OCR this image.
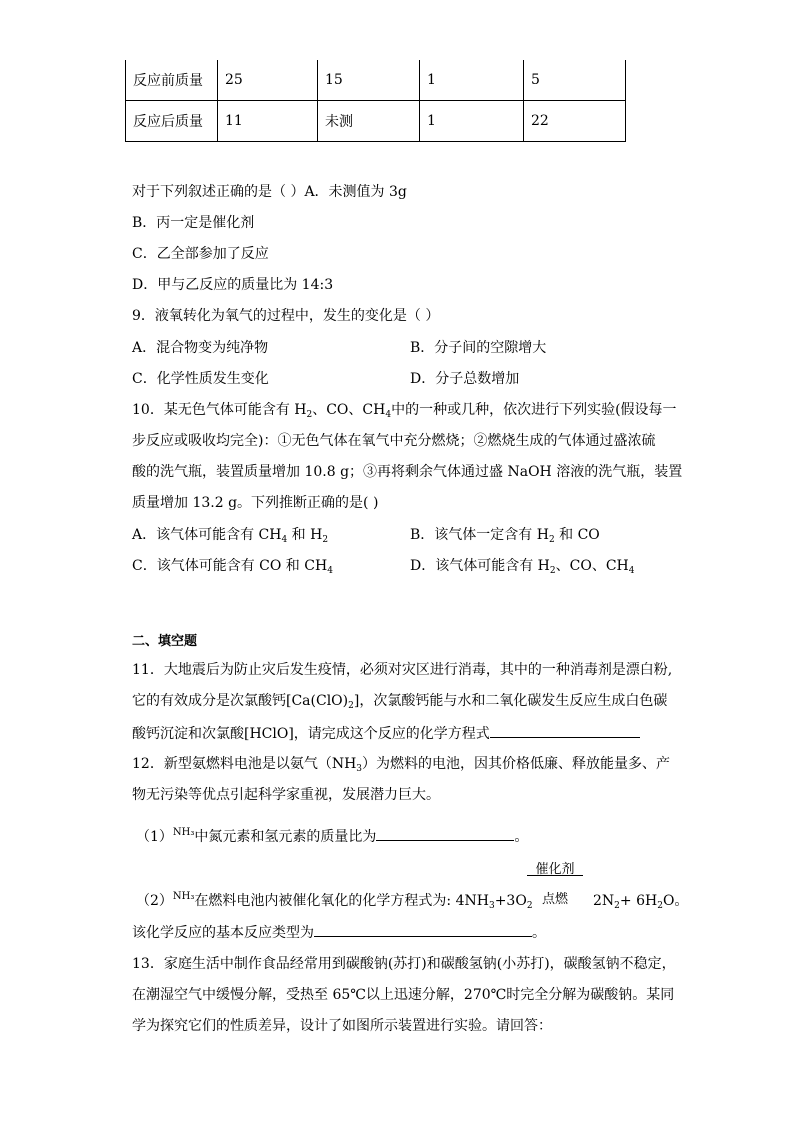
反应前质量	25	15	1	5
反应后质量	11	未测	1	22
对于下列叙述正确的是（ ）A．未测值为 3g
B．丙一定是催化剂
C．乙全部参加了反应
D．甲与乙反应的质量比为 14:3
9．液氧转化为氧气的过程中，发生的变化是（ ）
A．混合物变为纯净物	B．分子间的空隙增大
C．化学性质发生变化	D．分子总数增加
10．某无色气体可能含有 $H_2$、CO、$CH_4$中的一种或几种，依次进行下列实验(假设每一
步反应或吸收均完全)：①无色气体在氧气中充分燃烧；②燃烧生成的气体通过盛浓硫
酸的洗气瓶，装置质量增加 10.8 g；③再将剩余气体通过盛 NaOH 溶液的洗气瓶，装置
质量增加 13.2 g。下列推断正确的是( )
A．该气体可能含有 $CH_4$ 和 $H_2$	B．该气体一定含有 $H_2$ 和 CO
C．该气体可能含有 CO 和 $CH_4$	D．该气体可能含有 $H_2$、CO、$CH_4$
二、填空题
11．大地震后为防止灾后发生疫情，必须对灾区进行消毒，其中的一种消毒剂是漂白粉,
它的有效成分是次氯酸钙$[Ca(ClO)_2]$，次氯酸钙能与水和二氧化碳发生反应生成白色碳
酸钙沉淀和次氯酸[HClO]，请完成这个反应的化学方程式
12．新型氨燃料电池是以氨气$(NH_3)$为燃料的电池，因其价格低廉、释放能量多、产
物无污染等优点引起科学家重视，发展潜力巨大。
$(1)^{NH_3}$中氮元素和氢元素的质量比为	。
催化剂
点燃
$(2)^{NH_3}$在燃料电池内被催化氧化的化学方程式为: $4NH_3+3O_2$	$2N_2+ 6H_2O$。
该化学反应的基本反应类型为	。
13．家庭生活中制作食品经常用到碳酸钠(苏打)和碳酸氢钠(小苏打)，碳酸氢钠不稳定，
在潮湿空气中缓慢分解，受热至 65℃以上迅速分解，270℃时完全分解为碳酸钠。某同
学为探究它们的性质差异，设计了如图所示装置进行实验。请回答：
